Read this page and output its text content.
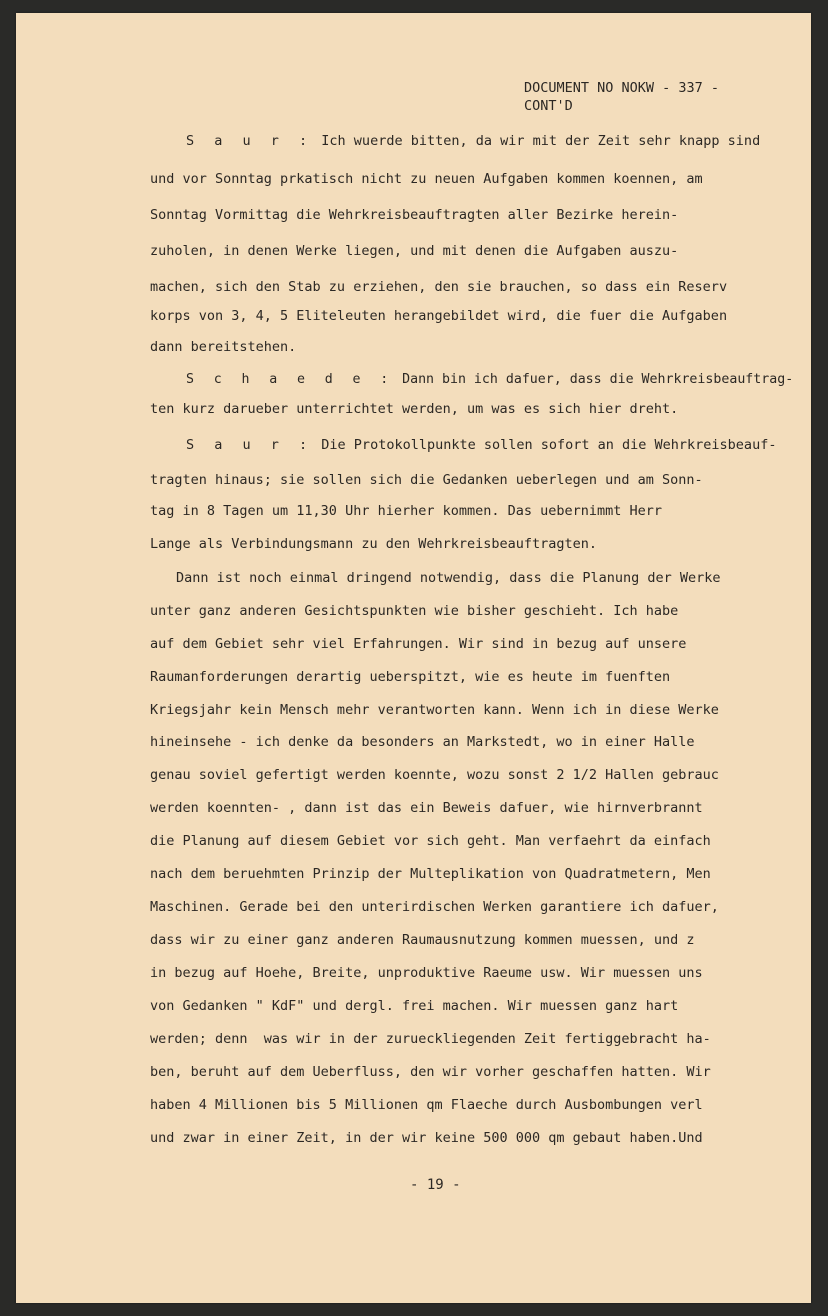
DOCUMENT NO NOKW - 337 -
CONT'D
S a u r : Ich wuerde bitten, da wir mit der Zeit sehr knapp sind
und vor Sonntag prkatisch nicht zu neuen Aufgaben kommen koennen, am
Sonntag Vormittag die Wehrkreisbeauftragten aller Bezirke herein-
zuholen, in denen Werke liegen, und mit denen die Aufgaben auszu-
machen, sich den Stab zu erziehen, den sie brauchen, so dass ein Reserv
korps von 3, 4, 5 Eliteleuten herangebildet wird, die fuer die Aufgaben
dann bereitstehen.
S c h a e d e : Dann bin ich dafuer, dass die Wehrkreisbeauftrag-
ten kurz darueber unterrichtet werden, um was es sich hier dreht.
S a u r : Die Protokollpunkte sollen sofort an die Wehrkreisbeauf-
tragten hinaus; sie sollen sich die Gedanken ueberlegen und am Sonn-
tag in 8 Tagen um 11,30 Uhr hierher kommen. Das uebernimmt Herr
Lange als Verbindungsmann zu den Wehrkreisbeauftragten.
Dann ist noch einmal dringend notwendig, dass die Planung der Werke
unter ganz anderen Gesichtspunkten wie bisher geschieht. Ich habe
auf dem Gebiet sehr viel Erfahrungen. Wir sind in bezug auf unsere
Raumanforderungen derartig ueberspitzt, wie es heute im fuenften
Kriegsjahr kein Mensch mehr verantworten kann. Wenn ich in diese Werke
hineinsehe - ich denke da besonders an Markstedt, wo in einer Halle
genau soviel gefertigt werden koennte, wozu sonst 2 1/2 Hallen gebrauc
werden koennten- , dann ist das ein Beweis dafuer, wie hirnverbrannt
die Planung auf diesem Gebiet vor sich geht. Man verfaehrt da einfach
nach dem beruehmten Prinzip der Multeplikation von Quadratmetern, Men
Maschinen. Gerade bei den unterirdischen Werken garantiere ich dafuer,
dass wir zu einer ganz anderen Raumausnutzung kommen muessen, und z
in bezug auf Hoehe, Breite, unproduktive Raeume usw. Wir muessen uns
von Gedanken " KdF" und dergl. frei machen. Wir muessen ganz hart
werden; denn  was wir in der zurueckliegenden Zeit fertiggebracht ha-
ben, beruht auf dem Ueberfluss, den wir vorher geschaffen hatten. Wir
haben 4 Millionen bis 5 Millionen qm Flaeche durch Ausbombungen verl
und zwar in einer Zeit, in der wir keine 500 000 qm gebaut haben.Und
- 19 -
